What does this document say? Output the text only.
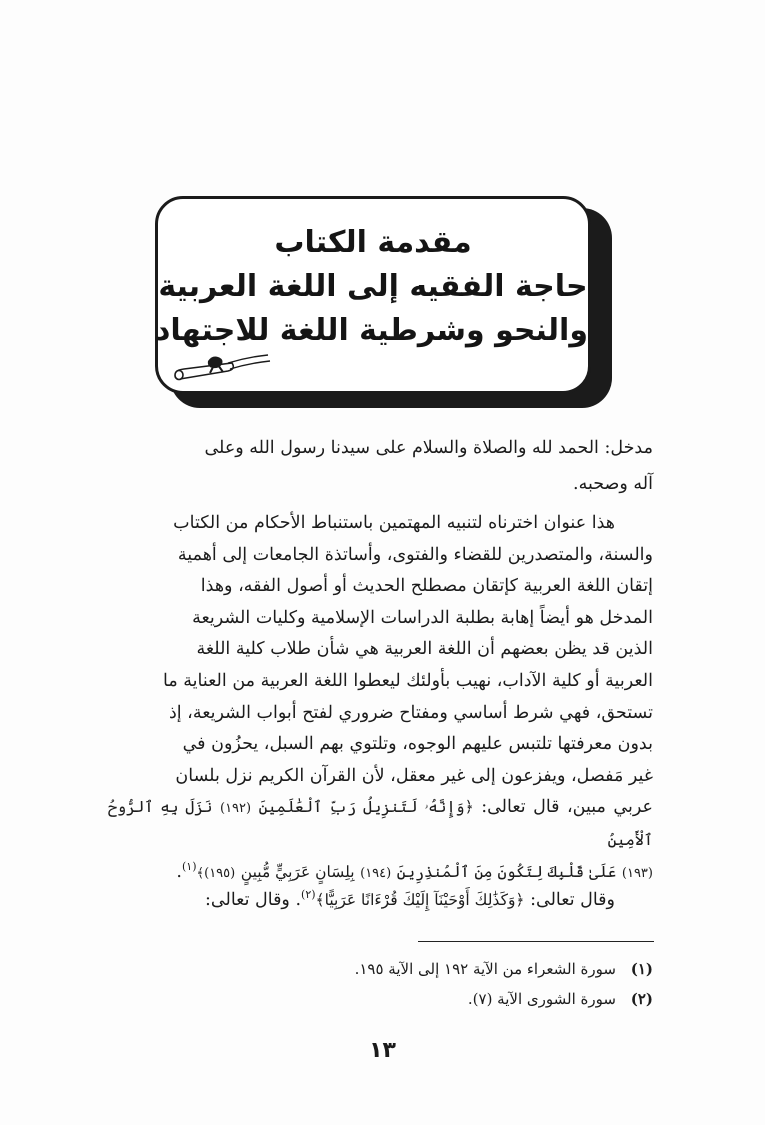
مقدمة الكتاب
حاجة الفقيه إلى اللغة العربية
والنحو وشرطية اللغة للاجتهاد

مدخل: الحمد لله والصلاة والسلام على سيدنا رسول الله وعلى

آله وصحبه.

هذا عنوان اخترناه لتنبيه المهتمين باستنباط الأحكام من الكتاب

والسنة، والمتصدرين للقضاء والفتوى، وأساتذة الجامعات إلى أهمية

إتقان اللغة العربية كإتقان مصطلح الحديث أو أصول الفقه، وهذا

المدخل هو أيضاً إهابة بطلبة الدراسات الإسلامية وكليات الشريعة

الذين قد يظن بعضهم أن اللغة العربية هي شأن طلاب كلية اللغة

العربية أو كلية الآداب، نهيب بأولئك ليعطوا اللغة العربية من العناية ما

تستحق، فهي شرط أساسي ومفتاح ضروري لفتح أبواب الشريعة، إذ

بدون معرفتها تلتبس عليهم الوجوه، وتلتوي بهم السبل، يحزُون في

غير مَفصل، ويفزعون إلى غير معقل، لأن القرآن الكريم نزل بلسان

عربي مبين، قال تعالى: ﴿وَإِنَّهُۥ لَتَنزِيلُ رَبِّ ٱلْعَٰلَمِينَ (١٩٢) نَزَلَ بِهِ ٱلرُّوحُ ٱلْأَمِينُ

(١٩٣) عَلَىٰ قَلْبِكَ لِتَكُونَ مِنَ ٱلْمُنذِرِينَ (١٩٤) بِلِسَانٍ عَرَبِيٍّ مُّبِينٍ (١٩٥)﴾$^{(١)}$.

وقال تعالى: ﴿وَكَذَٰلِكَ أَوْحَيْنَآ إِلَيْكَ قُرْءَانًا عَرَبِيًّا﴾$^{(٢)}$. وقال تعالى:
(١) سورة الشعراء من الآية ١٩٢ إلى الآية ١٩٥.
(٢) سورة الشورى الآية (٧).
١٣
